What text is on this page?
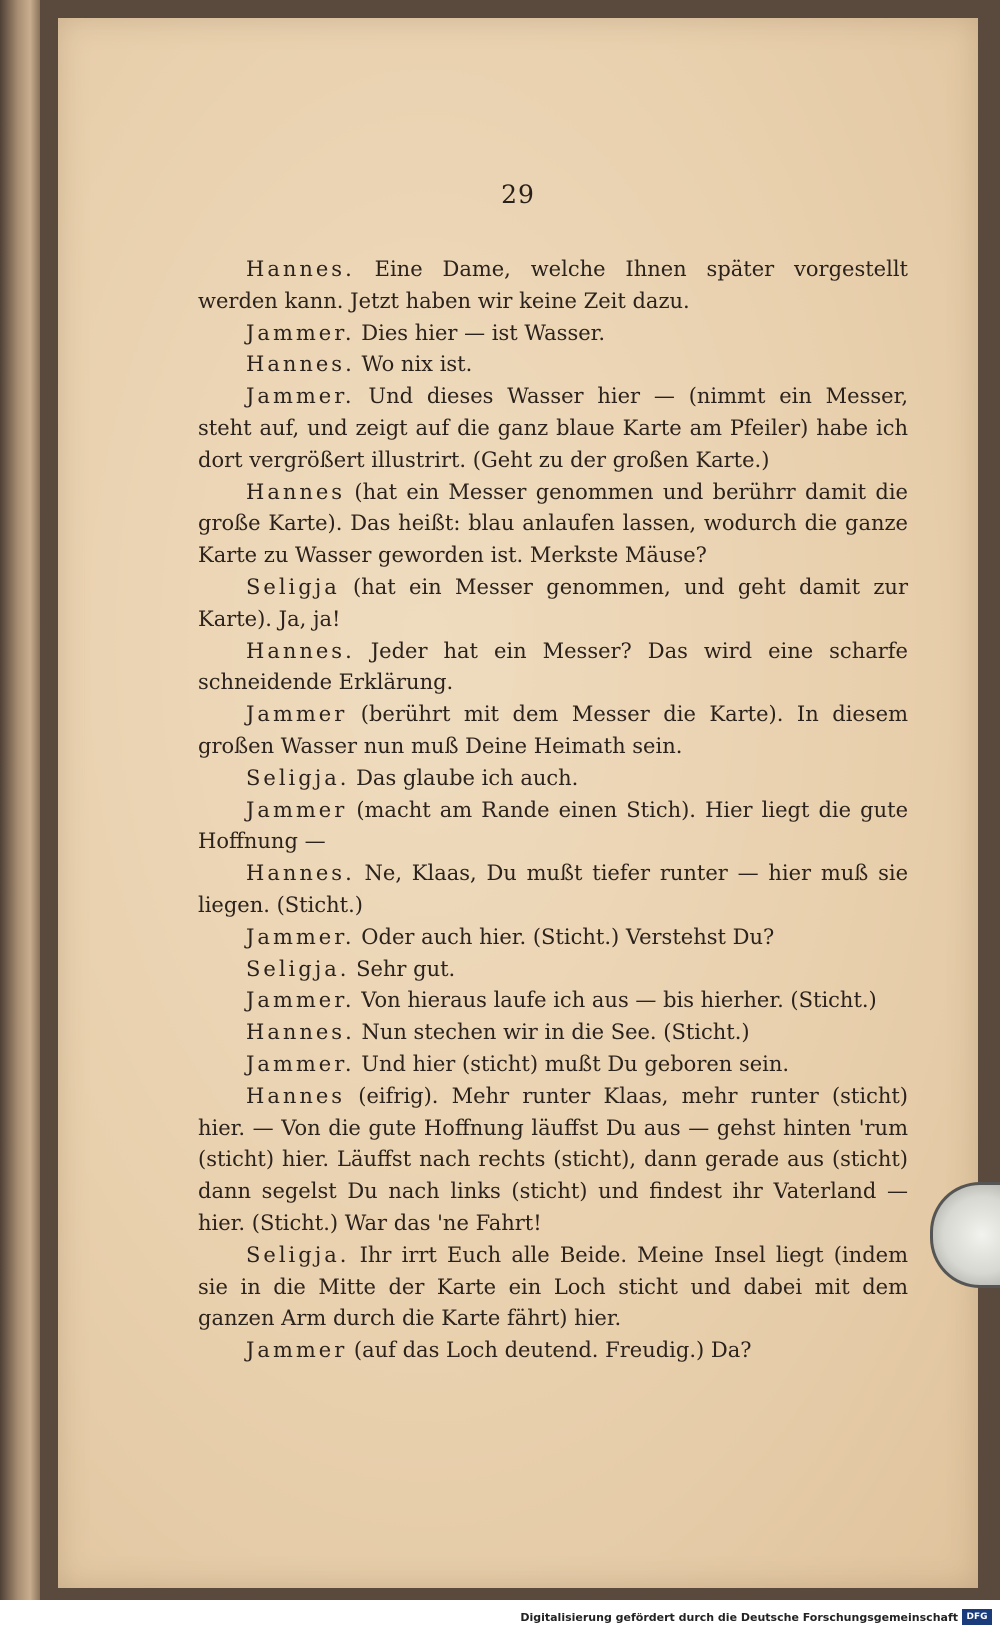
29

Hannes. Eine Dame, welche Ihnen später vorgestellt werden kann. Jetzt haben wir keine Zeit dazu.

Jammer. Dies hier — ist Wasser.

Hannes. Wo nix ist.

Jammer. Und dieses Wasser hier — (nimmt ein Messer, steht auf, und zeigt auf die ganz blaue Karte am Pfeiler) habe ich dort vergrößert illustrirt. (Geht zu der großen Karte.)

Hannes (hat ein Messer genommen und berührr damit die große Karte). Das heißt: blau anlaufen lassen, wodurch die ganze Karte zu Wasser geworden ist. Merkste Mäuse?

Seligja (hat ein Messer genommen, und geht damit zur Karte). Ja, ja!

Hannes. Jeder hat ein Messer? Das wird eine scharfe schneidende Erklärung.

Jammer (berührt mit dem Messer die Karte). In diesem großen Wasser nun muß Deine Heimath sein.

Seligja. Das glaube ich auch.

Jammer (macht am Rande einen Stich). Hier liegt die gute Hoffnung —

Hannes. Ne, Klaas, Du mußt tiefer runter — hier muß sie liegen. (Sticht.)

Jammer. Oder auch hier. (Sticht.) Verstehst Du?

Seligja. Sehr gut.

Jammer. Von hieraus laufe ich aus — bis hierher. (Sticht.)

Hannes. Nun stechen wir in die See. (Sticht.)

Jammer. Und hier (sticht) mußt Du geboren sein.

Hannes (eifrig). Mehr runter Klaas, mehr runter (sticht) hier. — Von die gute Hoffnung läuffst Du aus — gehst hinten 'rum (sticht) hier. Läuffst nach rechts (sticht), dann gerade aus (sticht) dann segelst Du nach links (sticht) und findest ihr Vaterland — hier. (Sticht.) War das 'ne Fahrt!

Seligja. Ihr irrt Euch alle Beide. Meine Insel liegt (indem sie in die Mitte der Karte ein Loch sticht und dabei mit dem ganzen Arm durch die Karte fährt) hier.

Jammer (auf das Loch deutend. Freudig.) Da?

Digitalisierung gefördert durch die Deutsche Forschungsgemeinschaft DFG
